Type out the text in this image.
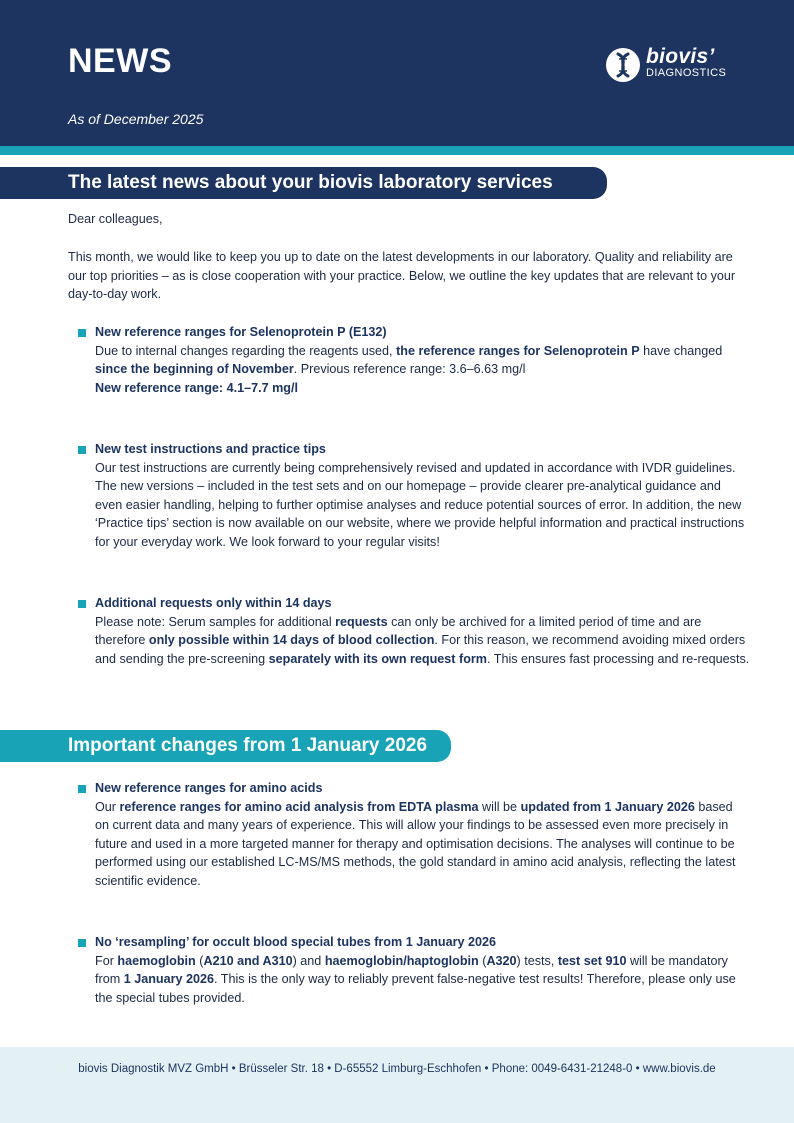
NEWS
As of December 2025
biovis’
DIAGNOSTICS
The latest news about your biovis laboratory services
Dear colleagues,
This month, we would like to keep you up to date on the latest developments in our laboratory. Quality and reliability are our top priorities – as is close cooperation with your practice. Below, we outline the key updates that are relevant to your day-to-day work.
New reference ranges for Selenoprotein P (E132)
Due to internal changes regarding the reagents used, the reference ranges for Selenoprotein P have changed since the beginning of November. Previous reference range: 3.6–6.63 mg/l
New reference range: 4.1–7.7 mg/l
New test instructions and practice tips
Our test instructions are currently being comprehensively revised and updated in accordance with IVDR guidelines. The new versions – included in the test sets and on our homepage – provide clearer pre-analytical guidance and even easier handling, helping to further optimise analyses and reduce potential sources of error. In addition, the new ‘Practice tips’ section is now available on our website, where we provide helpful information and practical instructions for your everyday work. We look forward to your regular visits!
Additional requests only within 14 days
Please note: Serum samples for additional requests can only be archived for a limited period of time and are therefore only possible within 14 days of blood collection. For this reason, we recommend avoiding mixed orders and sending the pre-screening separately with its own request form. This ensures fast processing and re-requests.
Important changes from 1 January 2026
New reference ranges for amino acids
Our reference ranges for amino acid analysis from EDTA plasma will be updated from 1 January 2026 based on current data and many years of experience. This will allow your findings to be assessed even more precisely in future and used in a more targeted manner for therapy and optimisation decisions. The analyses will continue to be performed using our established LC-MS/MS methods, the gold standard in amino acid analysis, reflecting the latest scientific evidence.
No ‘resampling’ for occult blood special tubes from 1 January 2026
For haemoglobin (A210 and A310) and haemoglobin/haptoglobin (A320) tests, test set 910 will be mandatory from 1 January 2026. This is the only way to reliably prevent false-negative test results! Therefore, please only use the special tubes provided.
biovis Diagnostik MVZ GmbH • Brüsseler Str. 18 • D-65552 Limburg-Eschhofen • Phone: 0049-6431-21248-0 • www.biovis.de
